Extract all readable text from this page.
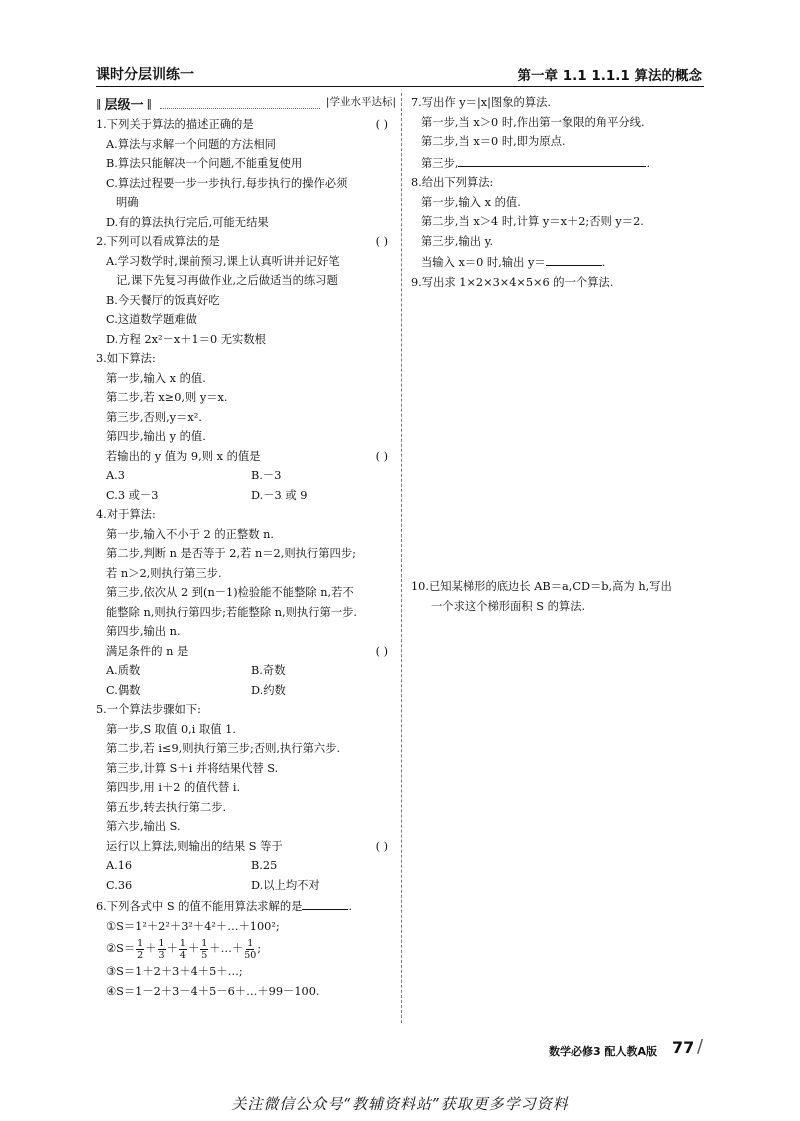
课时分层训练一	第一章 1.1 1.1.1 算法的概念
‖ 层级一 ‖	|学业水平达标|
1.下列关于算法的描述正确的是	( )
A.算法与求解一个问题的方法相同
B.算法只能解决一个问题,不能重复使用
C.算法过程要一步一步执行,每步执行的操作必须
明确
D.有的算法执行完后,可能无结果
2.下列可以看成算法的是	( )
A.学习数学时,课前预习,课上认真听讲并记好笔
记,课下先复习再做作业,之后做适当的练习题
B.今天餐厅的饭真好吃
C.这道数学题难做
D.方程 2x²－x＋1＝0 无实数根
3.如下算法:
第一步,输入 x 的值.
第二步,若 x≥0,则 y＝x.
第三步,否则,y＝x².
第四步,输出 y 的值.
若输出的 y 值为 9,则 x 的值是	( )
A.3	B.－3
C.3 或－3	D.－3 或 9
4.对于算法:
第一步,输入不小于 2 的正整数 n.
第二步,判断 n 是否等于 2,若 n＝2,则执行第四步;
若 n＞2,则执行第三步.
第三步,依次从 2 到(n－1)检验能不能整除 n,若不
能整除 n,则执行第四步;若能整除 n,则执行第一步.
第四步,输出 n.
满足条件的 n 是	( )
A.质数	B.奇数
C.偶数	D.约数
5.一个算法步骤如下:
第一步,S 取值 0,i 取值 1.
第二步,若 i≤9,则执行第三步;否则,执行第六步.
第三步,计算 S＋i 并将结果代替 S.
第四步,用 i＋2 的值代替 i.
第五步,转去执行第二步.
第六步,输出 S.
运行以上算法,则输出的结果 S 等于	( )
A.16	B.25
C.36	D.以上均不对
6.下列各式中 S 的值不能用算法求解的是	.
①S＝1²＋2²＋3²＋4²＋…＋100²;
②S＝ $\frac{1}{2} + \frac{1}{3} + \frac{1}{4} + \frac{1}{5}$ ＋…＋ $\frac{1}{50}$ ;
③S＝1＋2＋3＋4＋5＋…;
④S＝1－2＋3－4＋5－6＋…＋99－100.
7.写出作 y＝|x|图象的算法.
第一步,当 x＞0 时,作出第一象限的角平分线.
第二步,当 x＝0 时,即为原点.
第三步,	.
8.给出下列算法:
第一步,输入 x 的值.
第二步,当 x＞4 时,计算 y＝x＋2;否则 y＝2.
第三步,输出 y.
当输入 x＝0 时,输出 y＝	.
9.写出求 1×2×3×4×5×6 的一个算法.
10.已知某梯形的底边长 AB＝a,CD＝b,高为 h,写出
一个求这个梯形面积 S 的算法.
数学必修3 配人教A版 77 /
关注微信公众号“教辅资料站”获取更多学习资料
